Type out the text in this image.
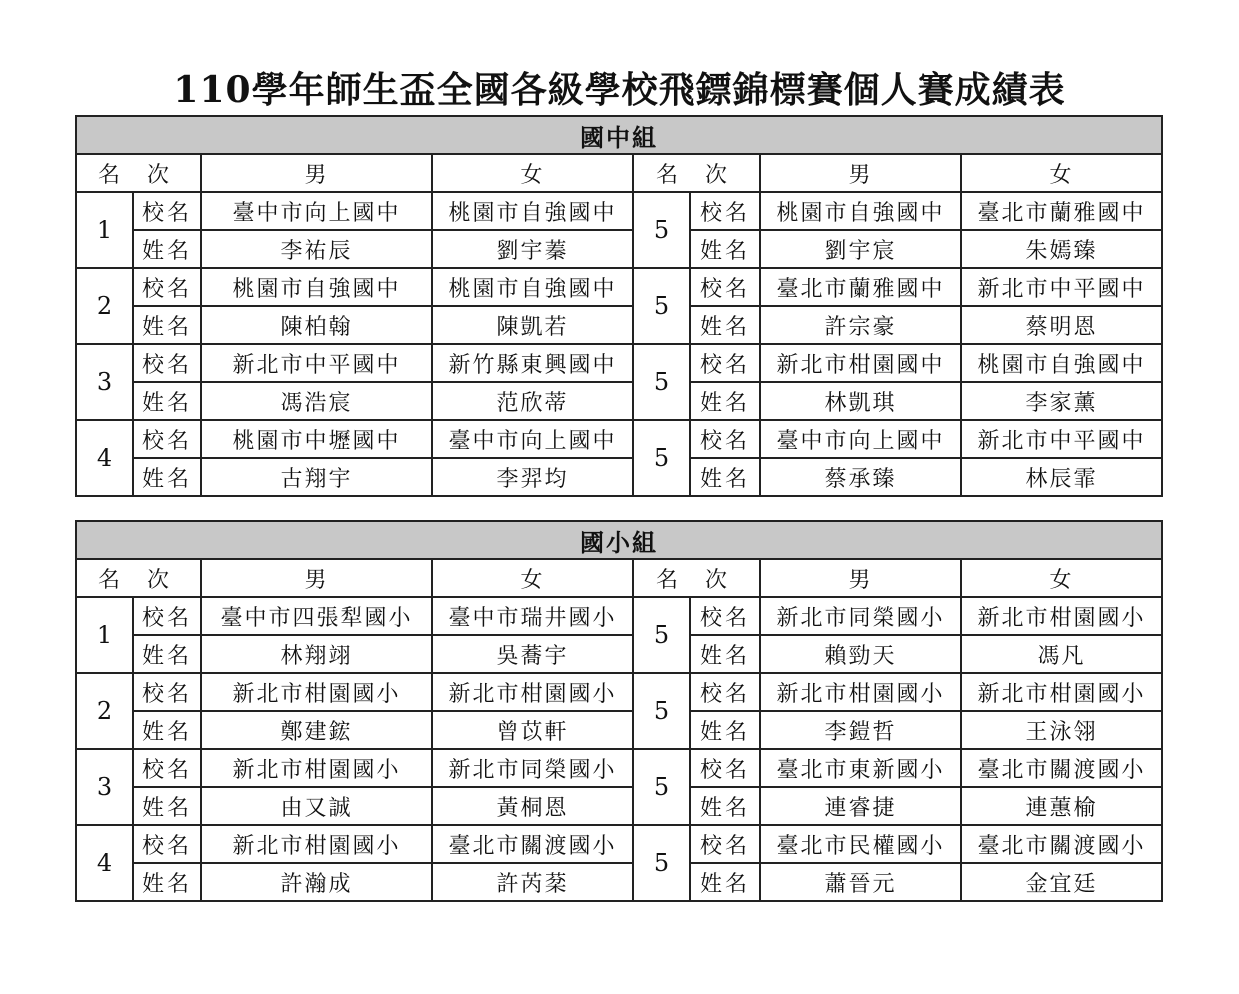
110學年師生盃全國各級學校飛鏢錦標賽個人賽成績表
國中組							
名 次		男	女	名 次		男	女
1	校名	臺中市向上國中	桃園市自強國中	5	校名	桃園市自強國中	臺北市蘭雅國中
	姓名	李祐辰	劉宇蓁		姓名	劉宇宸	朱嫣臻
2	校名	桃園市自強國中	桃園市自強國中	5	校名	臺北市蘭雅國中	新北市中平國中
	姓名	陳柏翰	陳凱若		姓名	許宗豪	蔡明恩
3	校名	新北市中平國中	新竹縣東興國中	5	校名	新北市柑園國中	桃園市自強國中
	姓名	馮浩宸	范欣蒂		姓名	林凱琪	李家薰
4	校名	桃園市中壢國中	臺中市向上國中	5	校名	臺中市向上國中	新北市中平國中
	姓名	古翔宇	李羿均		姓名	蔡承臻	林辰霏
國小組							
名 次		男	女	名 次		男	女
1	校名	臺中市四張犁國小	臺中市瑞井國小	5	校名	新北市同榮國小	新北市柑園國小
	姓名	林翔翊	吳蕎宇		姓名	賴勁天	馮凡
2	校名	新北市柑園國小	新北市柑園國小	5	校名	新北市柑園國小	新北市柑園國小
	姓名	鄭建鋐	曾苡軒		姓名	李鎧哲	王泳翎
3	校名	新北市柑園國小	新北市同榮國小	5	校名	臺北市東新國小	臺北市關渡國小
	姓名	由又誠	黃桐恩		姓名	連睿捷	連蕙榆
4	校名	新北市柑園國小	臺北市關渡國小	5	校名	臺北市民權國小	臺北市關渡國小
	姓名	許瀚成	許芮棻		姓名	蕭晉元	金宜廷
